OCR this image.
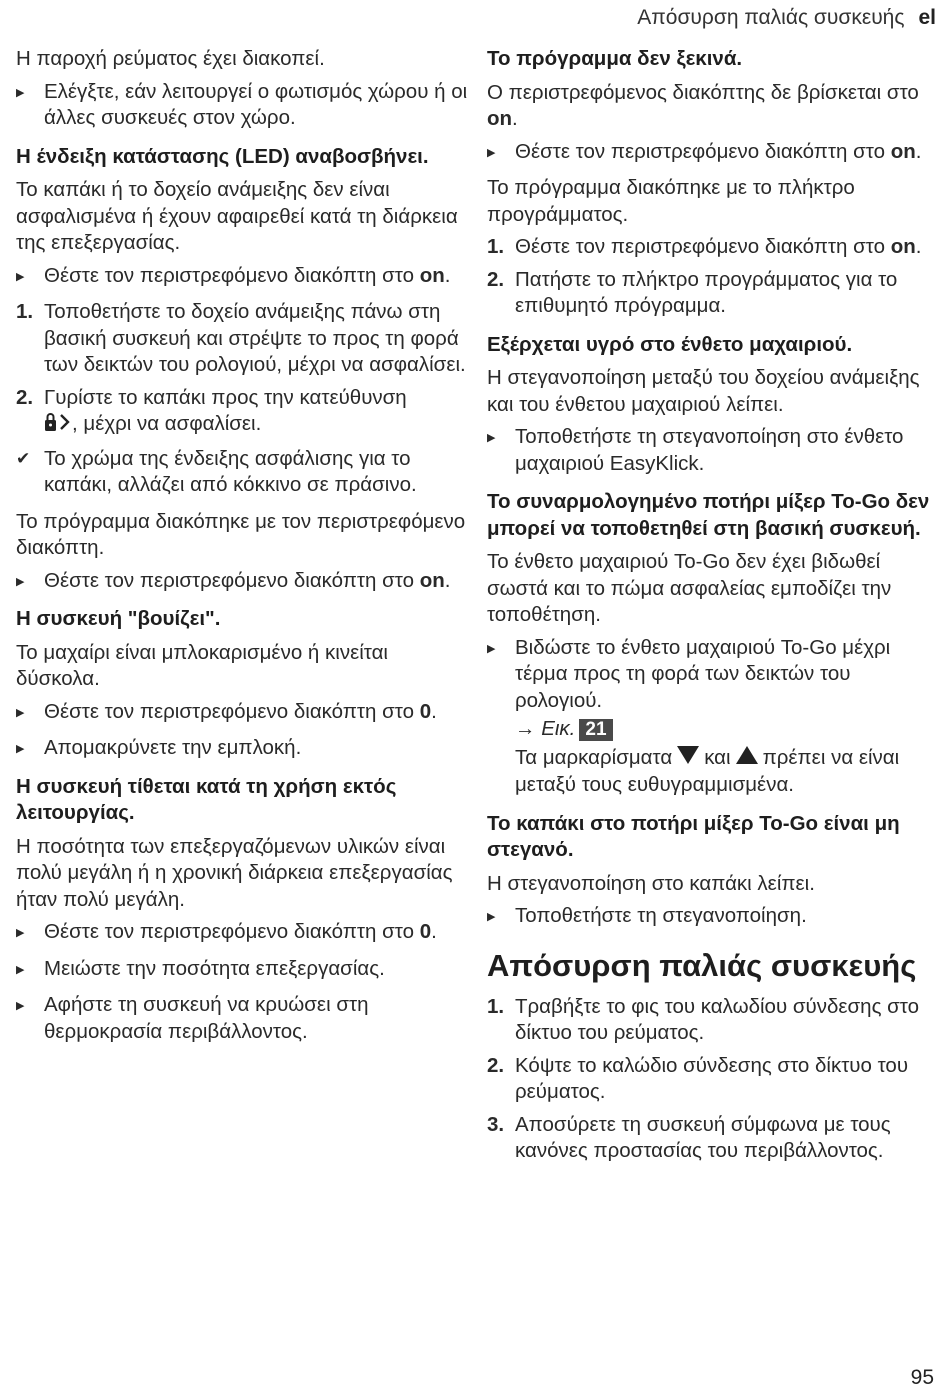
Απόσυρση παλιάς συσκευής el

Η παροχή ρεύματος έχει διακοπεί.

▶ Ελέγξτε, εάν λειτουργεί ο φωτισμός χώρου ή οι άλλες συσκευές στον χώρο.
Η ένδειξη κατάστασης (LED) αναβοσβήνει.

Το καπάκι ή το δοχείο ανάμειξης δεν είναι ασφαλισμένα ή έχουν αφαιρεθεί κατά τη διάρκεια της επεξεργασίας.

▶ Θέστε τον περιστρεφόμενο διακόπτη στο on.
1. Τοποθετήστε το δοχείο ανάμειξης πάνω στη βασική συσκευή και στρέψτε το προς τη φορά των δεικτών του ρολογιού, μέχρι να ασφαλίσει.
2. Γυρίστε το καπάκι προς την κατεύθυνση
, μέχρι να ασφαλίσει.
✔ Το χρώμα της ένδειξης ασφάλισης για το καπάκι, αλλάζει από κόκκινο σε πράσινο.

Το πρόγραμμα διακόπηκε με τον περιστρεφόμενο διακόπτη.

▶ Θέστε τον περιστρεφόμενο διακόπτη στο on.
Η συσκευή "βουίζει".

Το μαχαίρι είναι μπλοκαρισμένο ή κινείται δύσκολα.

▶ Θέστε τον περιστρεφόμενο διακόπτη στο 0.
▶ Απομακρύνετε την εμπλοκή.
Η συσκευή τίθεται κατά τη χρήση εκτός λειτουργίας.

Η ποσότητα των επεξεργαζόμενων υλικών είναι πολύ μεγάλη ή η χρονική διάρκεια επεξεργασίας ήταν πολύ μεγάλη.

▶ Θέστε τον περιστρεφόμενο διακόπτη στο 0.
▶ Μειώστε την ποσότητα επεξεργασίας.
▶ Αφήστε τη συσκευή να κρυώσει στη θερμοκρασία περιβάλλοντος.
Το πρόγραμμα δεν ξεκινά.

Ο περιστρεφόμενος διακόπτης δε βρίσκεται στο on.

▶ Θέστε τον περιστρεφόμενο διακόπτη στο on.

Το πρόγραμμα διακόπηκε με το πλήκτρο προγράμματος.

1. Θέστε τον περιστρεφόμενο διακόπτη στο on.
2. Πατήστε το πλήκτρο προγράμματος για το επιθυμητό πρόγραμμα.
Εξέρχεται υγρό στο ένθετο μαχαιριού.

Η στεγανοποίηση μεταξύ του δοχείου ανάμειξης και του ένθετου μαχαιριού λείπει.

▶ Τοποθετήστε τη στεγανοποίηση στο ένθετο μαχαιριού EasyKlick.
Το συναρμολογημένο ποτήρι μίξερ To-Go δεν μπορεί να τοποθετηθεί στη βασική συσκευή.

Το ένθετο μαχαιριού To-Go δεν έχει βιδωθεί σωστά και το πώμα ασφαλείας εμποδίζει την τοποθέτηση.

▶ Βιδώστε το ένθετο μαχαιριού To-Go μέχρι τέρμα προς τη φορά των δεικτών του ρολογιού.
→ Εικ. 21
Τα μαρκαρίσματα και πρέπει να είναι μεταξύ τους ευθυγραμμισμένα.
Το καπάκι στο ποτήρι μίξερ To-Go είναι μη στεγανό.

Η στεγανοποίηση στο καπάκι λείπει.

▶ Τοποθετήστε τη στεγανοποίηση.
Απόσυρση παλιάς συσκευής
1. Τραβήξτε το φις του καλωδίου σύνδεσης στο δίκτυο του ρεύματος.
2. Κόψτε το καλώδιο σύνδεσης στο δίκτυο του ρεύματος.
3. Αποσύρετε τη συσκευή σύμφωνα με τους κανόνες προστασίας του περιβάλλοντος.
95
